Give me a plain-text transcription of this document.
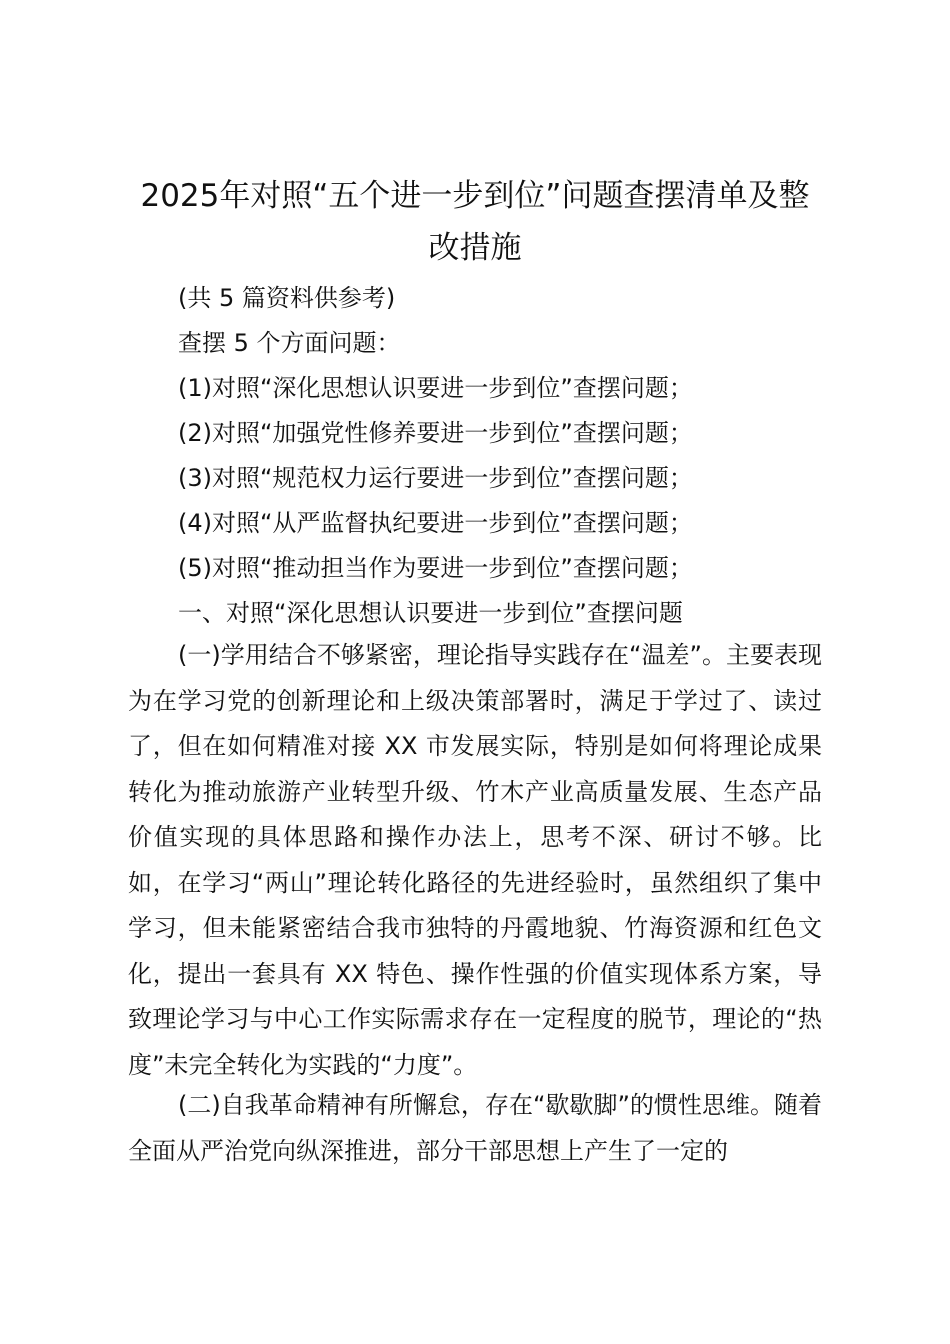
2025年对照“五个进一步到位”问题查摆清单及整改措施
(共 5 篇资料供参考)
查摆 5 个方面问题：
(1)对照“深化思想认识要进一步到位”查摆问题；
(2)对照“加强党性修养要进一步到位”查摆问题；
(3)对照“规范权力运行要进一步到位”查摆问题；
(4)对照“从严监督执纪要进一步到位”查摆问题；
(5)对照“推动担当作为要进一步到位”查摆问题；
一、对照“深化思想认识要进一步到位”查摆问题
(一)学用结合不够紧密，理论指导实践存在“温差”。主要表现为在学习党的创新理论和上级决策部署时，满足于学过了、读过了，但在如何精准对接 XX 市发展实际，特别是如何将理论成果转化为推动旅游产业转型升级、竹木产业高质量发展、生态产品价值实现的具体思路和操作办法上，思考不深、研讨不够。比如，在学习“两山”理论转化路径的先进经验时，虽然组织了集中学习，但未能紧密结合我市独特的丹霞地貌、竹海资源和红色文化，提出一套具有 XX 特色、操作性强的价值实现体系方案，导致理论学习与中心工作实际需求存在一定程度的脱节，理论的“热度”未完全转化为实践的“力度”。
(二)自我革命精神有所懈怠，存在“歇歇脚”的惯性思维。随着全面从严治党向纵深推进，部分干部思想上产生了一定的
